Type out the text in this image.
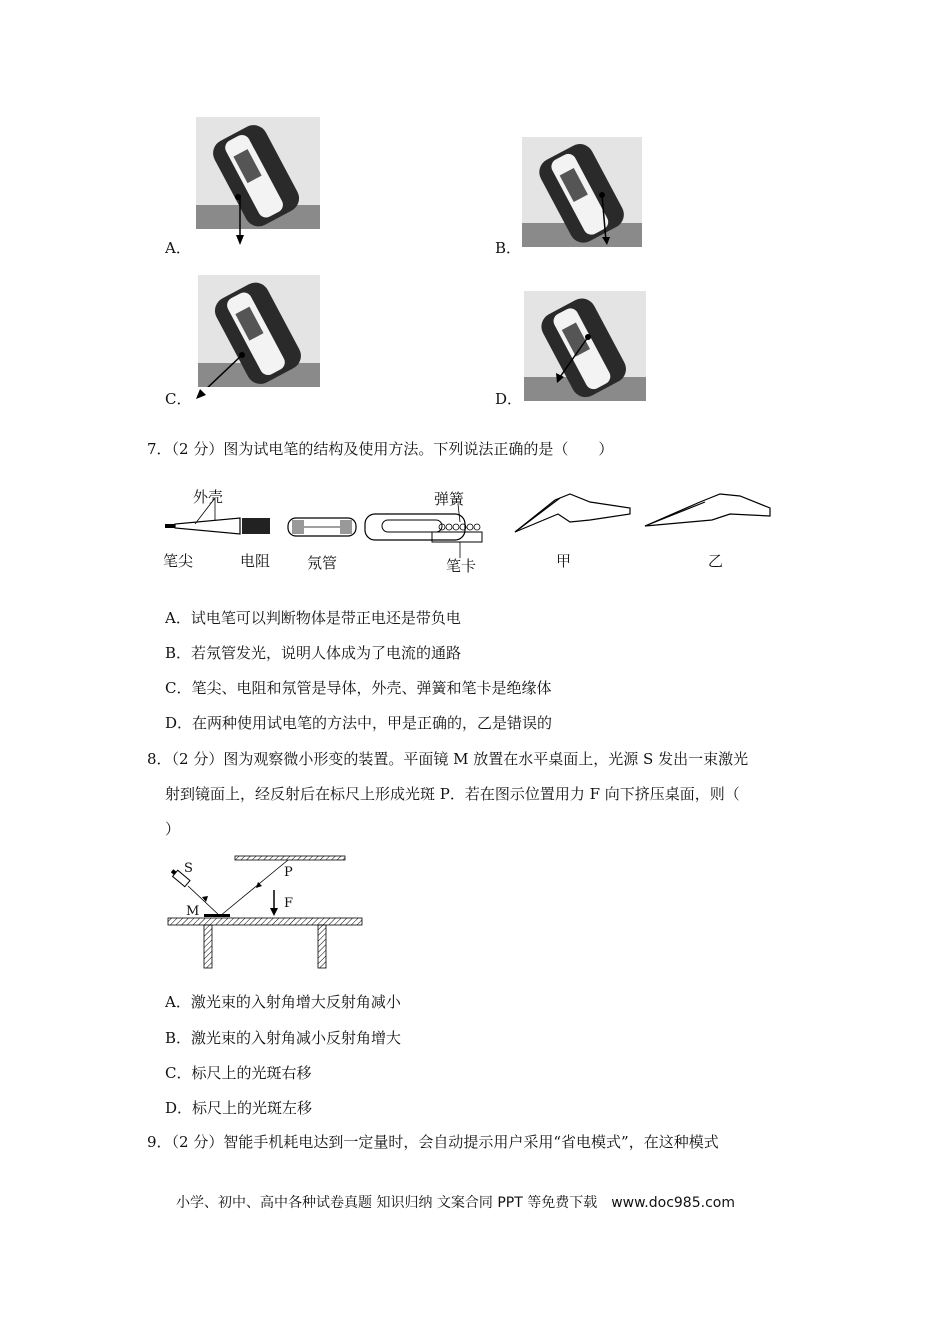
A．	B．
C．	D．
7．（2 分）图为试电笔的结构及使用方法。下列说法正确的是（　　）
外壳
笔尖	电阻 氖管
弹簧
笔卡	甲	乙
A．试电笔可以判断物体是带正电还是带负电
B．若氖管发光，说明人体成为了电流的通路
C．笔尖、电阻和氖管是导体，外壳、弹簧和笔卡是绝缘体
D．在两种使用试电笔的方法中，甲是正确的，乙是错误的
8．（2 分）图为观察微小形变的装置。平面镜 M 放置在水平桌面上，光源 S 发出一束激光
射到镜面上，经反射后在标尺上形成光斑 P．若在图示位置用力 F 向下挤压桌面，则（
）
S	P
M
F
A．激光束的入射角增大反射角减小
B．激光束的入射角减小反射角增大
C．标尺上的光斑右移
D．标尺上的光斑左移
9．（2 分）智能手机耗电达到一定量时，会自动提示用户采用“省电模式”，在这种模式
小学、初中、高中各种试卷真题 知识归纳 文案合同 PPT 等免费下载　www.doc985.com
